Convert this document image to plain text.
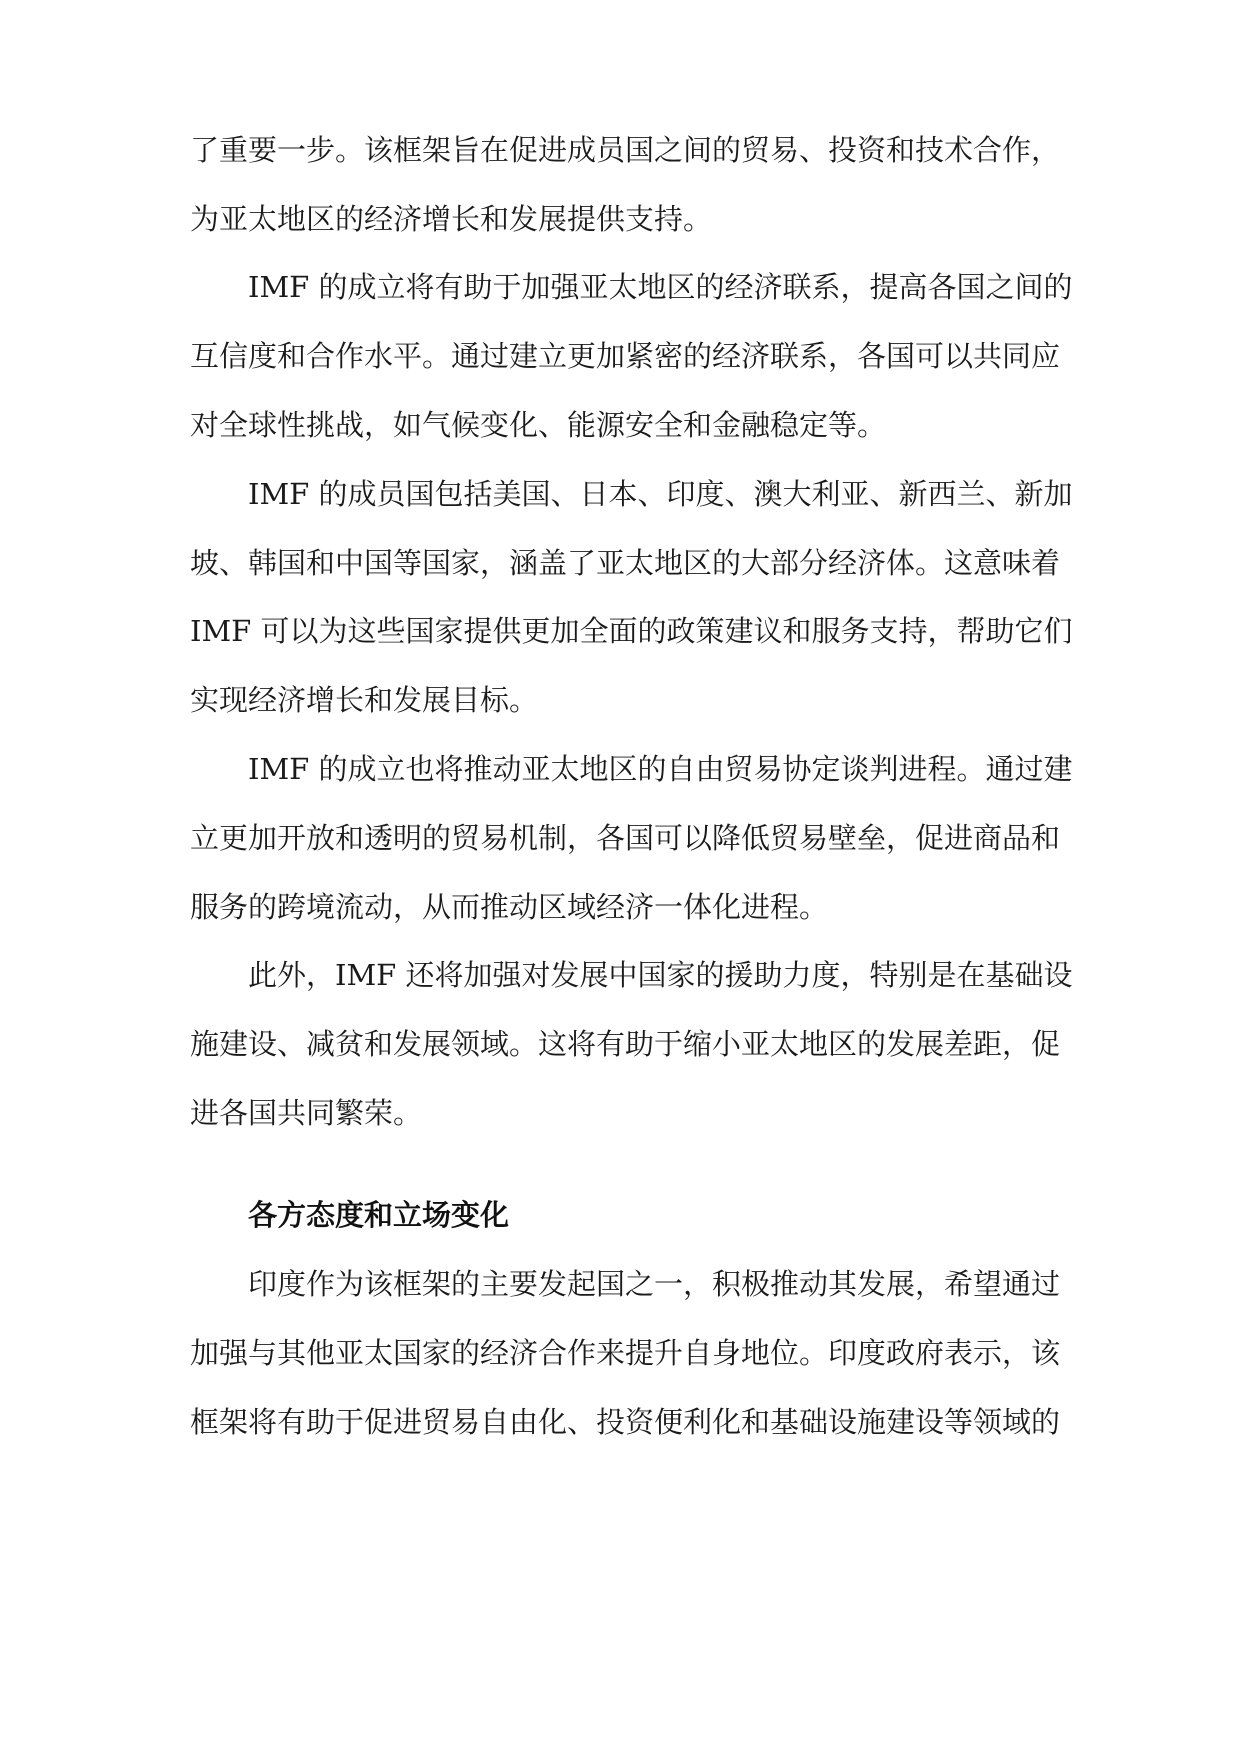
了重要一步。该框架旨在促进成员国之间的贸易、投资和技术合作，
为亚太地区的经济增长和发展提供支持。
IMF 的成立将有助于加强亚太地区的经济联系，提高各国之间的
互信度和合作水平。通过建立更加紧密的经济联系，各国可以共同应
对全球性挑战，如气候变化、能源安全和金融稳定等。
IMF 的成员国包括美国、日本、印度、澳大利亚、新西兰、新加
坡、韩国和中国等国家，涵盖了亚太地区的大部分经济体。这意味着
IMF 可以为这些国家提供更加全面的政策建议和服务支持，帮助它们
实现经济增长和发展目标。
IMF 的成立也将推动亚太地区的自由贸易协定谈判进程。通过建
立更加开放和透明的贸易机制，各国可以降低贸易壁垒，促进商品和
服务的跨境流动，从而推动区域经济一体化进程。
此外，IMF 还将加强对发展中国家的援助力度，特别是在基础设
施建设、减贫和发展领域。这将有助于缩小亚太地区的发展差距，促
进各国共同繁荣。
各方态度和立场变化
印度作为该框架的主要发起国之一，积极推动其发展，希望通过
加强与其他亚太国家的经济合作来提升自身地位。印度政府表示，该
框架将有助于促进贸易自由化、投资便利化和基础设施建设等领域的
